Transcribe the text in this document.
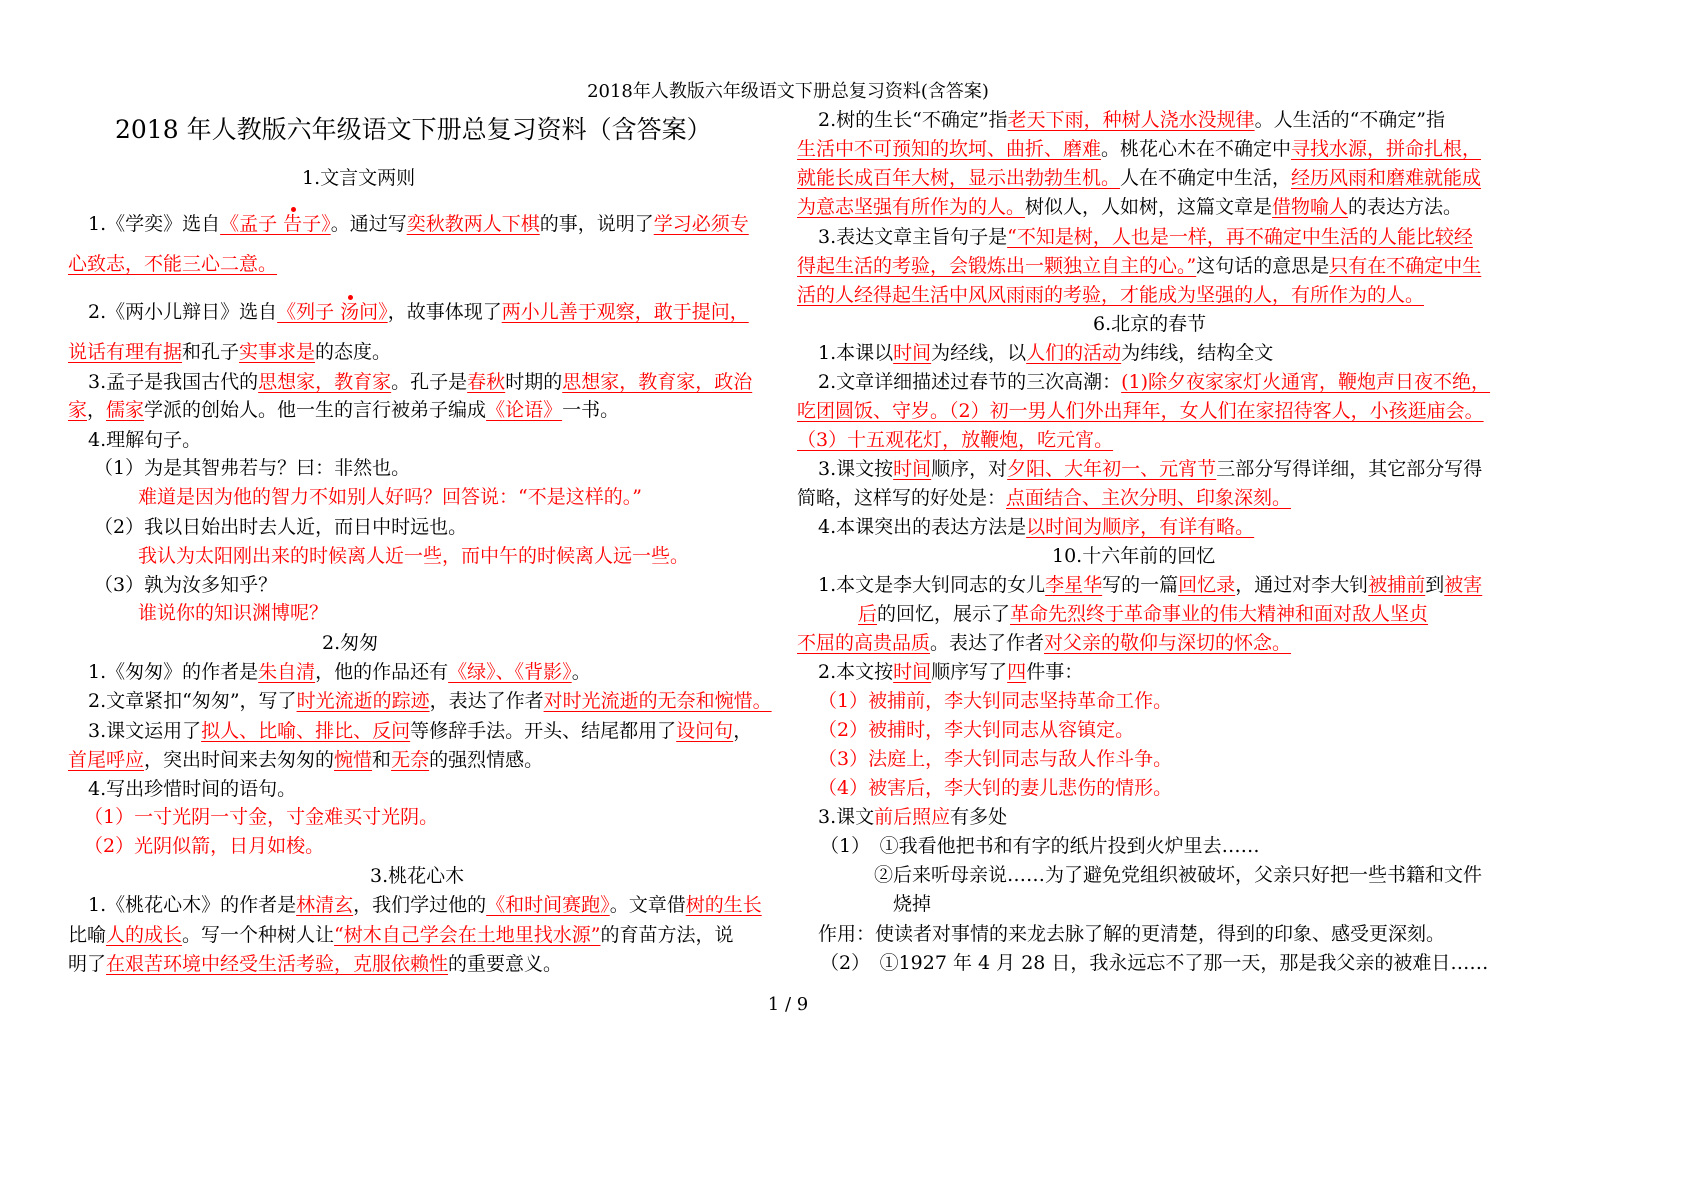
2018年人教版六年级语文下册总复习资料(含答案)
2018 年人教版六年级语文下册总复习资料（含答案）
1.文言文两则
1.《学奕》选自《孟子 告子》。通过写奕秋教两人下棋的事，说明了学习必须专
心致志，不能三心二意。
2.《两小儿辩日》选自《列子 汤问》，故事体现了两小儿善于观察，敢于提问，
说话有理有据和孔子实事求是的态度。
3.孟子是我国古代的思想家，教育家。孔子是春秋时期的思想家，教育家，政治
家，儒家学派的创始人。他一生的言行被弟子编成《论语》一书。
4.理解句子。
（1）为是其智弗若与？曰：非然也。
难道是因为他的智力不如别人好吗？回答说：“不是这样的。”
（2）我以日始出时去人近，而日中时远也。
我认为太阳刚出来的时候离人近一些，而中午的时候离人远一些。
（3）孰为汝多知乎？
谁说你的知识渊博呢？
2.匆匆
1.《匆匆》的作者是朱自清，他的作品还有《绿》、《背影》。
2.文章紧扣“匆匆”，写了时光流逝的踪迹，表达了作者对时光流逝的无奈和惋惜。
3.课文运用了拟人、比喻、排比、反问等修辞手法。开头、结尾都用了设问句，
首尾呼应，突出时间来去匆匆的惋惜和无奈的强烈情感。
4.写出珍惜时间的语句。
（1）一寸光阴一寸金，寸金难买寸光阴。
（2）光阴似箭，日月如梭。
3.桃花心木
1.《桃花心木》的作者是林清玄，我们学过他的《和时间赛跑》。文章借树的生长
比喻人的成长。写一个种树人让“树木自己学会在土地里找水源”的育苗方法，说
明了在艰苦环境中经受生活考验，克服依赖性的重要意义。
2.树的生长“不确定”指老天下雨，种树人浇水没规律。人生活的“不确定”指
生活中不可预知的坎坷、曲折、磨难。桃花心木在不确定中寻找水源，拼命扎根，
就能长成百年大树，显示出勃勃生机。人在不确定中生活，经历风雨和磨难就能成
为意志坚强有所作为的人。树似人，人如树，这篇文章是借物喻人的表达方法。
3.表达文章主旨句子是“不知是树，人也是一样，再不确定中生活的人能比较经
得起生活的考验，会锻炼出一颗独立自主的心。”这句话的意思是只有在不确定中生
活的人经得起生活中风风雨雨的考验，才能成为坚强的人，有所作为的人。
6.北京的春节
1.本课以时间为经线，以人们的活动为纬线，结构全文
2.文章详细描述过春节的三次高潮：(1)除夕夜家家灯火通宵，鞭炮声日夜不绝，
吃团圆饭、守岁。（2）初一男人们外出拜年，女人们在家招待客人，小孩逛庙会。
（3）十五观花灯，放鞭炮，吃元宵。
3.课文按时间顺序，对夕阳、大年初一、元宵节三部分写得详细，其它部分写得
简略，这样写的好处是：点面结合、主次分明、印象深刻。
4.本课突出的表达方法是以时间为顺序，有详有略。
10.十六年前的回忆
1.本文是李大钊同志的女儿李星华写的一篇回忆录，通过对李大钊被捕前到被害
后的回忆，展示了革命先烈终于革命事业的伟大精神和面对敌人坚贞
不屈的高贵品质。表达了作者对父亲的敬仰与深切的怀念。
2.本文按时间顺序写了四件事：
（1）被捕前，李大钊同志坚持革命工作。
（2）被捕时，李大钊同志从容镇定。
（3）法庭上，李大钊同志与敌人作斗争。
（4）被害后，李大钊的妻儿悲伤的情形。
3.课文前后照应有多处
（1）　①我看他把书和有字的纸片投到火炉里去……
②后来听母亲说……为了避免党组织被破坏，父亲只好把一些书籍和文件
烧掉
作用：使读者对事情的来龙去脉了解的更清楚，得到的印象、感受更深刻。
（2）　①1927 年 4 月 28 日，我永远忘不了那一天，那是我父亲的被难日……
1 / 9
